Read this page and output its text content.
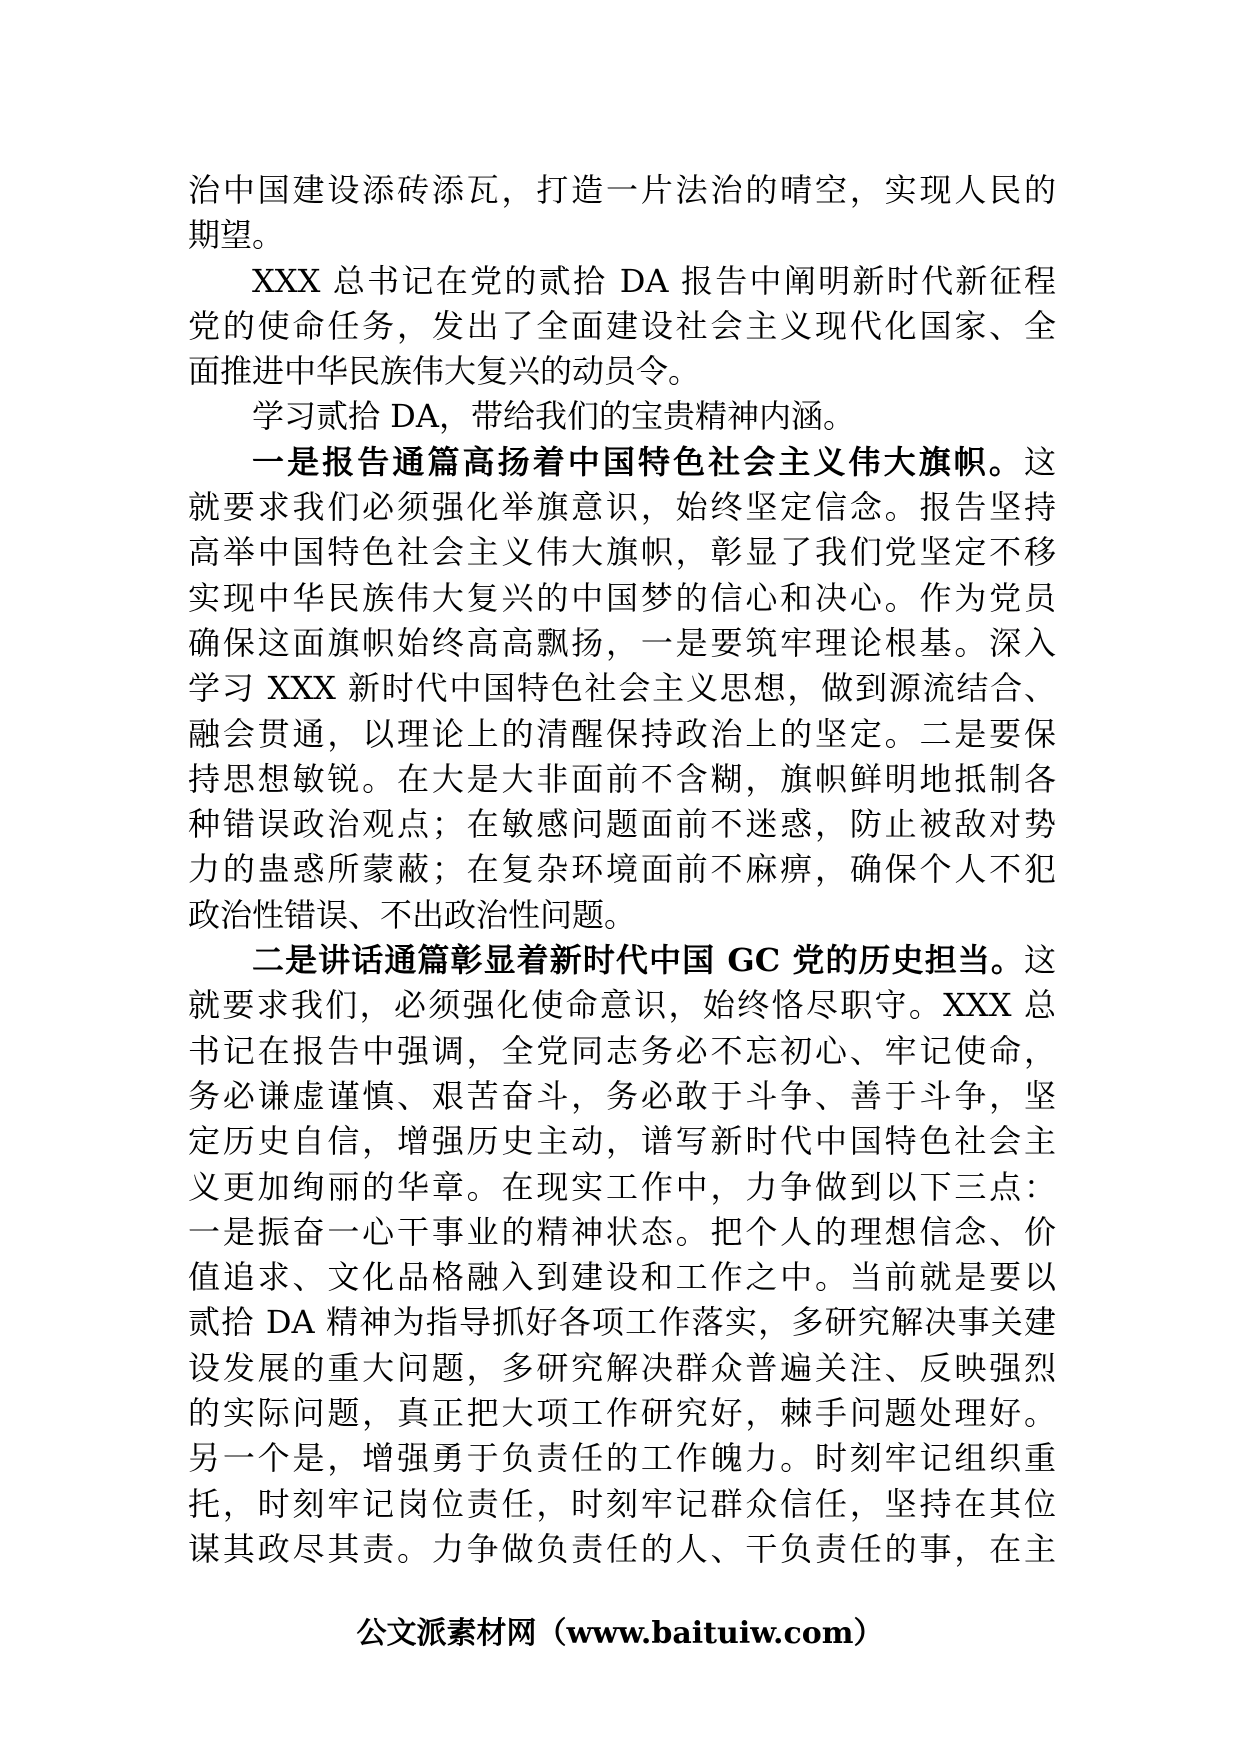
治中国建设添砖添瓦，打造一片法治的晴空，实现人民的
期望。
XXX 总书记在党的贰拾 DA 报告中阐明新时代新征程
党的使命任务，发出了全面建设社会主义现代化国家、全
面推进中华民族伟大复兴的动员令。
学习贰拾 DA，带给我们的宝贵精神内涵。
一是报告通篇高扬着中国特色社会主义伟大旗帜。这
就要求我们必须强化举旗意识，始终坚定信念。报告坚持
高举中国特色社会主义伟大旗帜，彰显了我们党坚定不移
实现中华民族伟大复兴的中国梦的信心和决心。作为党员
确保这面旗帜始终高高飘扬，一是要筑牢理论根基。深入
学习 XXX 新时代中国特色社会主义思想，做到源流结合、
融会贯通，以理论上的清醒保持政治上的坚定。二是要保
持思想敏锐。在大是大非面前不含糊，旗帜鲜明地抵制各
种错误政治观点；在敏感问题面前不迷惑，防止被敌对势
力的蛊惑所蒙蔽；在复杂环境面前不麻痹，确保个人不犯
政治性错误、不出政治性问题。
二是讲话通篇彰显着新时代中国 GC 党的历史担当。这
就要求我们，必须强化使命意识，始终恪尽职守。XXX 总
书记在报告中强调，全党同志务必不忘初心、牢记使命，
务必谦虚谨慎、艰苦奋斗，务必敢于斗争、善于斗争，坚
定历史自信，增强历史主动，谱写新时代中国特色社会主
义更加绚丽的华章。在现实工作中，力争做到以下三点：
一是振奋一心干事业的精神状态。把个人的理想信念、价
值追求、文化品格融入到建设和工作之中。当前就是要以
贰拾 DA 精神为指导抓好各项工作落实，多研究解决事关建
设发展的重大问题，多研究解决群众普遍关注、反映强烈
的实际问题，真正把大项工作研究好，棘手问题处理好。
另一个是，增强勇于负责任的工作魄力。时刻牢记组织重
托，时刻牢记岗位责任，时刻牢记群众信任，坚持在其位
谋其政尽其责。力争做负责任的人、干负责任的事，在主
公文派素材网（www.baituiw.com）
